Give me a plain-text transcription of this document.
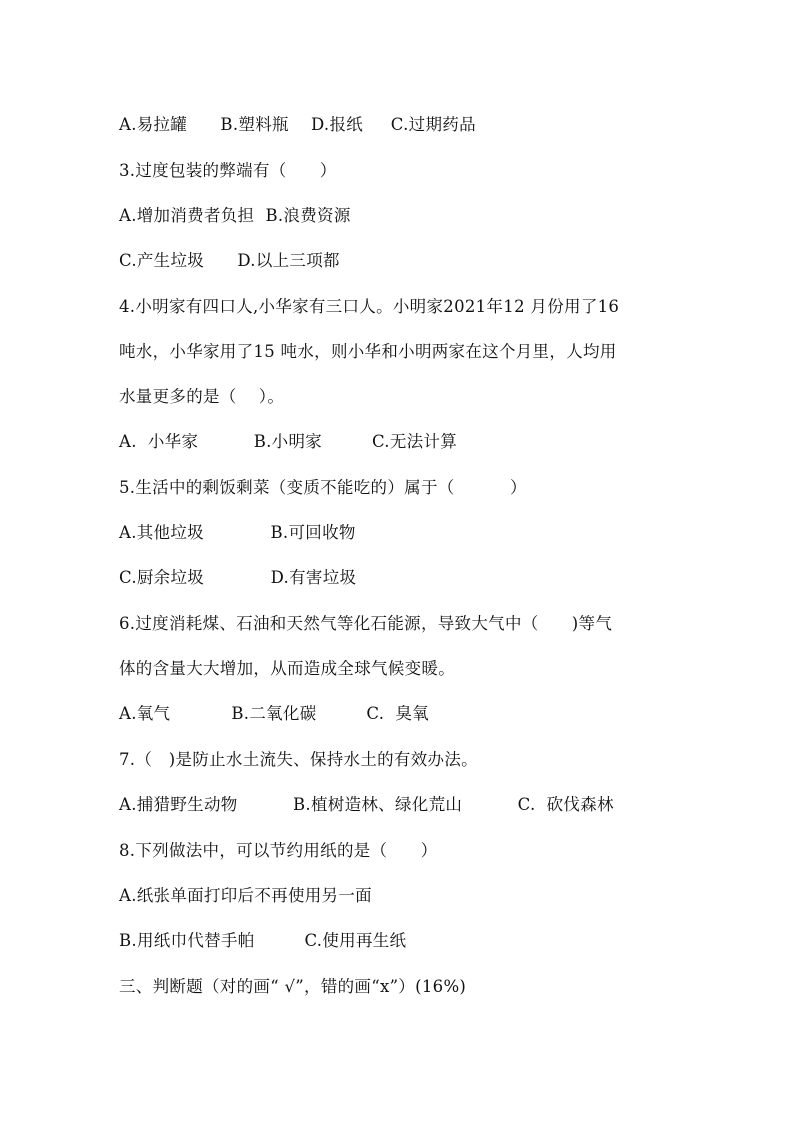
A.易拉罐      B.塑料瓶    D.报纸     C.过期药品
3.过度包装的弊端有（      ）
A.增加消费者负担  B.浪费资源
C.产生垃圾      D.以上三项都
4.小明家有四口人,小华家有三口人。小明家2021年12 月份用了16
吨水，小华家用了15 吨水，则小华和小明两家在这个月里，人均用
水量更多的是（    ）。
A.  小华家          B.小明家         C.无法计算
5.生活中的剩饭剩菜（变质不能吃的）属于（          ）
A.其他垃圾            B.可回收物
C.厨余垃圾            D.有害垃圾
6.过度消耗煤、石油和天然气等化石能源，导致大气中（      )等气
体的含量大大增加，从而造成全球气候变暖。
A.氧气           B.二氧化碳         C.  臭氧
7.（   )是防止水土流失、保持水土的有效办法。
A.捕猎野生动物          B.植树造林、绿化荒山          C.  砍伐森林
8.下列做法中，可以节约用纸的是（      ）
A.纸张单面打印后不再使用另一面
B.用纸巾代替手帕         C.使用再生纸
三、判断题（对的画“ √”，错的画“x”）(16%)
